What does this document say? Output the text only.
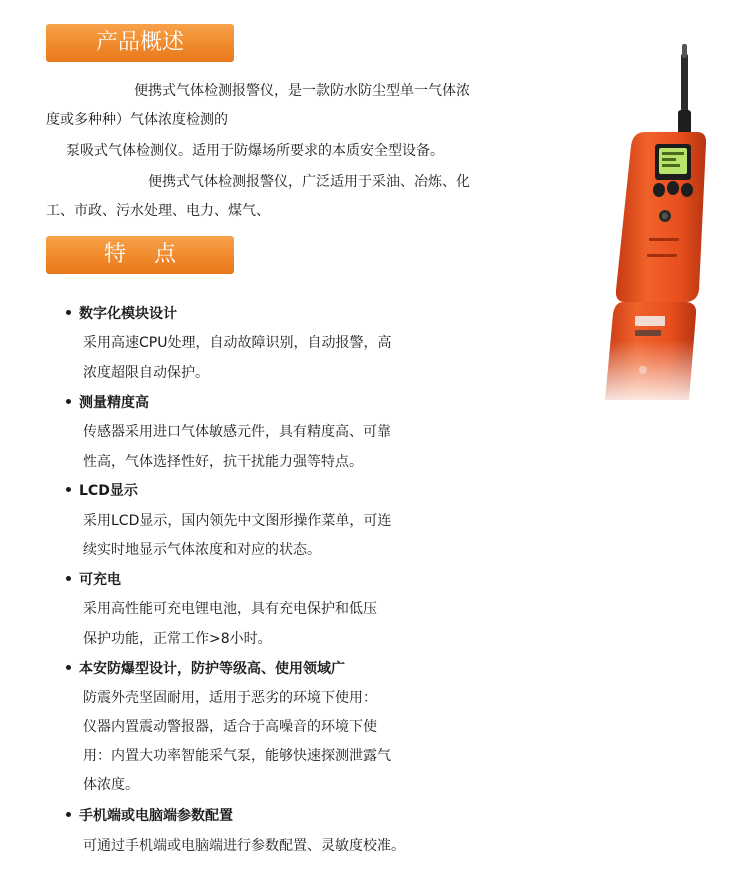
产品概述
便携式气体检测报警仪，是一款防水防尘型单一气体浓
度或多种种）气体浓度检测的
泵吸式气体检测仪。适用于防爆场所要求的本质安全型设备。
便携式气体检测报警仪，广泛适用于采油、冶炼、化
工、市政、污水处理、电力、煤气、
特    点
数字化模块设计
采用高速CPU处理，自动故障识别，自动报警，高
浓度超限自动保护。
测量精度高
传感器采用进口气体敏感元件，具有精度高、可靠
性高，气体选择性好，抗干扰能力强等特点。
LCD显示
采用LCD显示，国内领先中文图形操作菜单，可连
续实时地显示气体浓度和对应的状态。
可充电
采用高性能可充电锂电池，具有充电保护和低压
保护功能，正常工作>8小时。
本安防爆型设计，防护等级高、使用领域广
防震外壳坚固耐用，适用于恶劣的环境下使用：
仪器内置震动警报器，适合于高噪音的环境下使
用：内置大功率智能采气泵，能够快速探测泄露气
体浓度。
手机端或电脑端参数配置
可通过手机端或电脑端进行参数配置、灵敏度校准。
